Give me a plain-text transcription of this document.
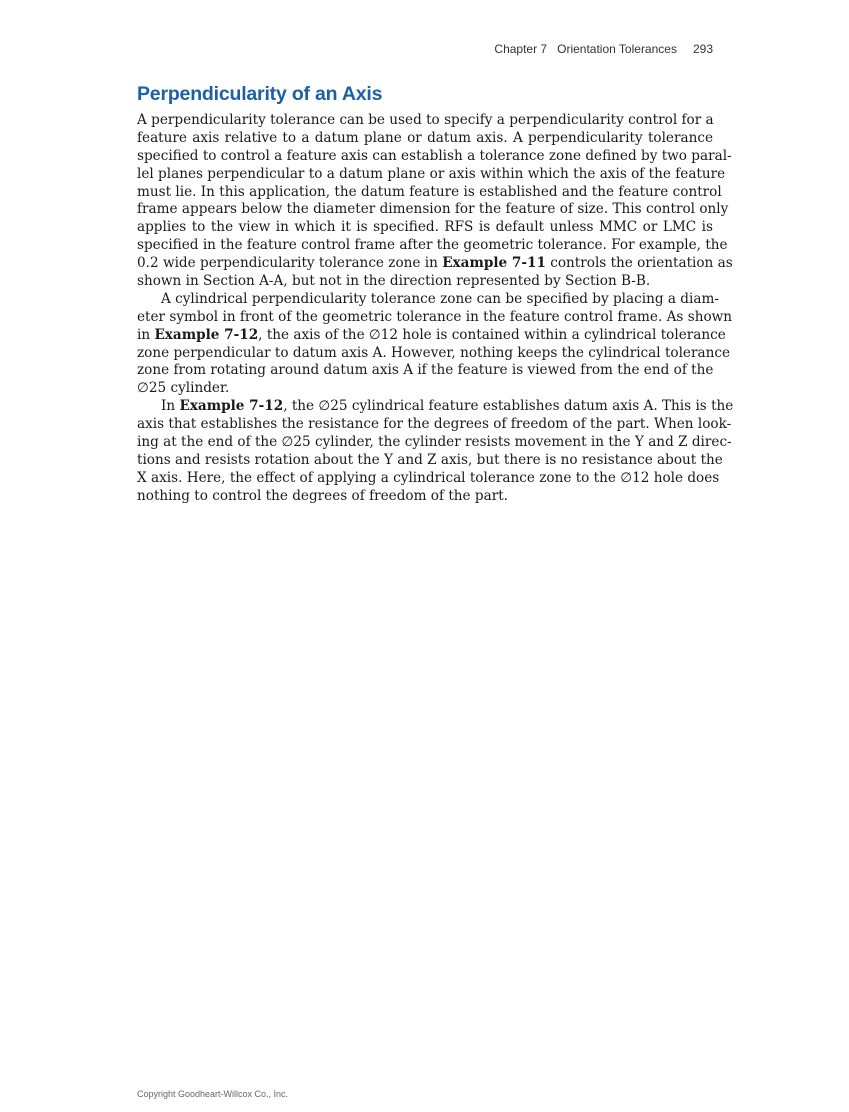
Chapter 7 Orientation Tolerances 293
Perpendicularity of an Axis
A perpendicularity tolerance can be used to specify a perpendicularity control for a
feature axis relative to a datum plane or datum axis. A perpendicularity tolerance
specified to control a feature axis can establish a tolerance zone defined by two paral-
lel planes perpendicular to a datum plane or axis within which the axis of the feature
must lie. In this application, the datum feature is established and the feature control
frame appears below the diameter dimension for the feature of size. This control only
applies to the view in which it is specified. RFS is default unless MMC or LMC is
specified in the feature control frame after the geometric tolerance. For example, the
0.2 wide perpendicularity tolerance zone in Example 7-11 controls the orientation as
shown in Section A-A, but not in the direction represented by Section B-B.
A cylindrical perpendicularity tolerance zone can be specified by placing a diam-
eter symbol in front of the geometric tolerance in the feature control frame. As shown
in Example 7-12, the axis of the ∅12 hole is contained within a cylindrical tolerance
zone perpendicular to datum axis A. However, nothing keeps the cylindrical tolerance
zone from rotating around datum axis A if the feature is viewed from the end of the
∅25 cylinder.
In Example 7-12, the ∅25 cylindrical feature establishes datum axis A. This is the
axis that establishes the resistance for the degrees of freedom of the part. When look-
ing at the end of the ∅25 cylinder, the cylinder resists movement in the Y and Z direc-
tions and resists rotation about the Y and Z axis, but there is no resistance about the
X axis. Here, the effect of applying a cylindrical tolerance zone to the ∅12 hole does
nothing to control the degrees of freedom of the part.
Copyright Goodheart-Willcox Co., Inc.
